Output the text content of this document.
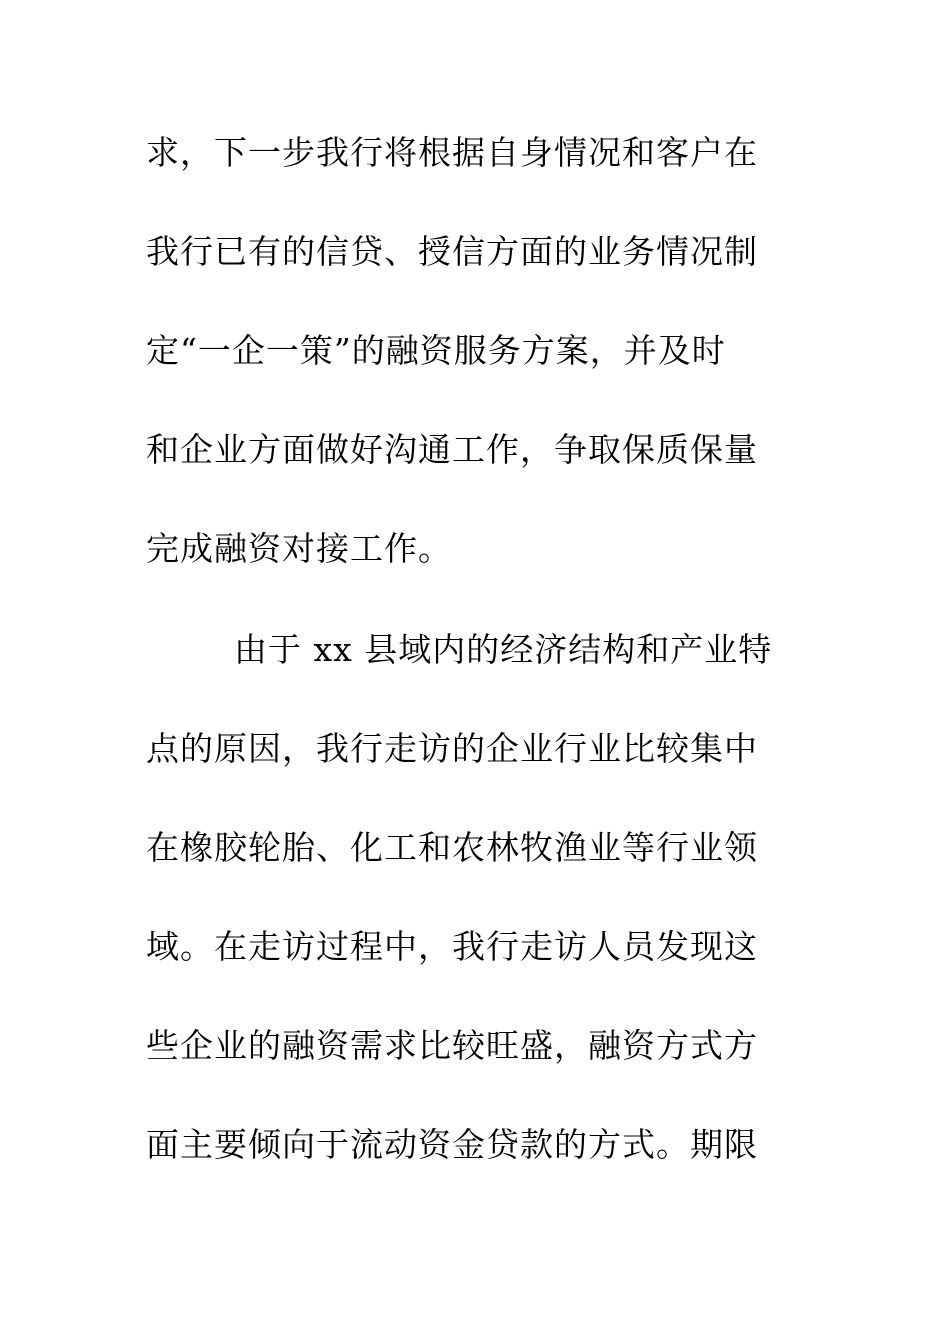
求，下一步我行将根据自身情况和客户在
我行已有的信贷、授信方面的业务情况制
定“一企一策”的融资服务方案，并及时
和企业方面做好沟通工作，争取保质保量
完成融资对接工作。
由于 xx 县域内的经济结构和产业特
点的原因，我行走访的企业行业比较集中
在橡胶轮胎、化工和农林牧渔业等行业领
域。在走访过程中，我行走访人员发现这
些企业的融资需求比较旺盛，融资方式方
面主要倾向于流动资金贷款的方式。期限
